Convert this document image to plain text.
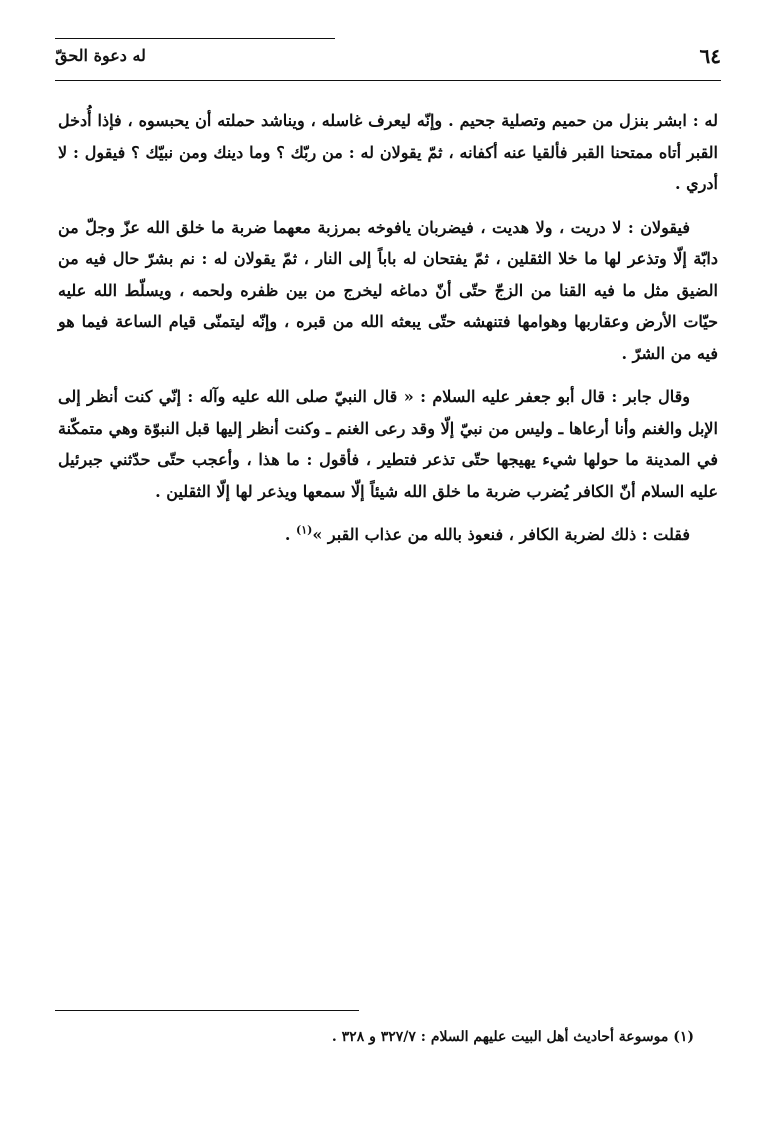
له دعوة الحقّ	٦٤

له : ابشر بنزل من حميم وتصلية جحيم . وإنّه ليعرف غاسله ، ويناشد حملته أن يحبسوه ، فإذا أُدخل القبر أتاه ممتحنا القبر فألقيا عنه أكفانه ، ثمّ يقولان له : من ربّك ؟ وما دينك ومن نبيّك ؟ فيقول : لا أدري .

فيقولان : لا دريت ، ولا هديت ، فيضربان يافوخه بمرزبة معهما ضربة ما خلق الله عزّ وجلّ من دابّة إلّا وتذعر لها ما خلا الثقلين ، ثمّ يفتحان له باباً إلى النار ، ثمّ يقولان له : نم بشرّ حال فيه من الضيق مثل ما فيه القنا من الزجّ حتّى أنّ دماغه ليخرج من بين ظفره ولحمه ، ويسلّط الله عليه حيّات الأرض وعقاربها وهوامها فتنهشه حتّى يبعثه الله من قبره ، وإنّه ليتمنّى قيام الساعة فيما هو فيه من الشرّ .

وقال جابر : قال أبو جعفر عليه السلام : « قال النبيّ صلى الله عليه وآله : إنّي كنت أنظر إلى الإبل والغنم وأنا أرعاها ـ وليس من نبيّ إلّا وقد رعى الغنم ـ وكنت أنظر إليها قبل النبوّة وهي متمكّنة في المدينة ما حولها شيء يهيجها حتّى تذعر فتطير ، فأقول : ما هذا ، وأعجب حتّى حدّثني جبرئيل عليه السلام أنّ الكافر يُضرب ضربة ما خلق الله شيئاً إلّا سمعها ويذعر لها إلّا الثقلين .

فقلت : ذلك لضربة الكافر ، فنعوذ بالله من عذاب القبر »$^{(١)}$ .

(١) موسوعة أحاديث أهل البيت عليهم السلام : ٣٢٧/٧ و ٣٢٨ .
